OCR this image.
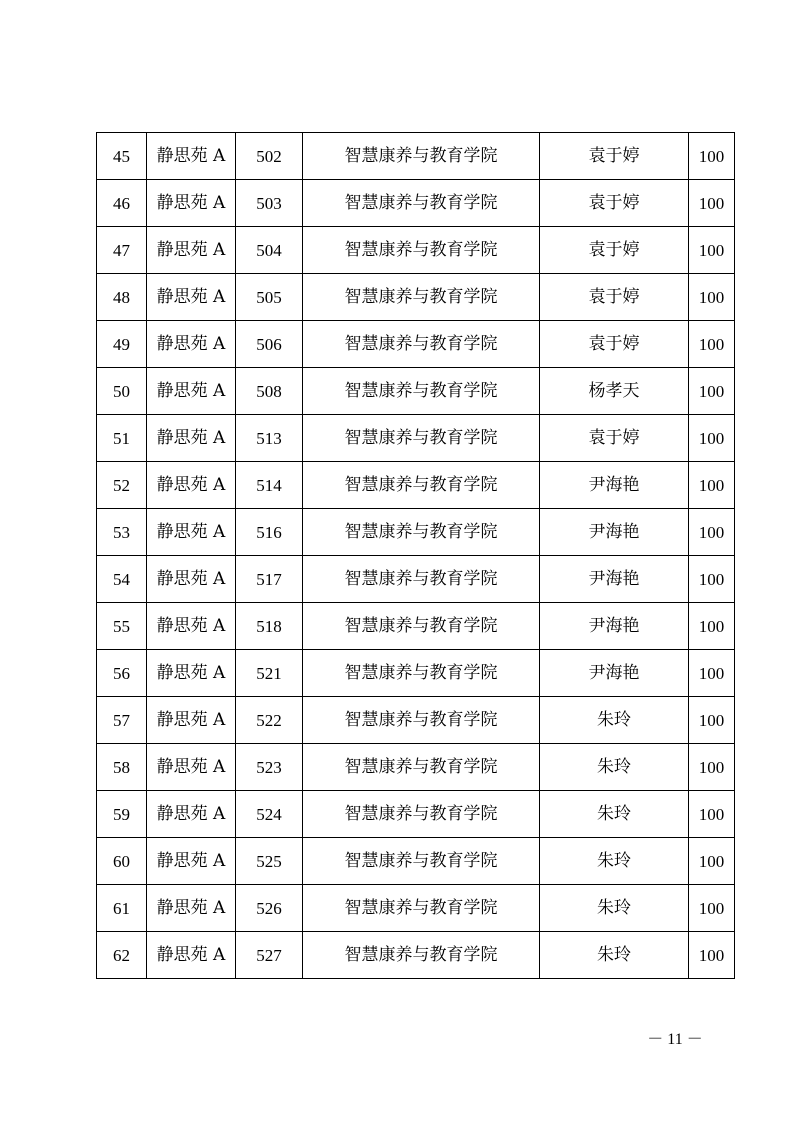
45	静思苑 A	502	智慧康养与教育学院	袁于婷	100
46	静思苑 A	503	智慧康养与教育学院	袁于婷	100
47	静思苑 A	504	智慧康养与教育学院	袁于婷	100
48	静思苑 A	505	智慧康养与教育学院	袁于婷	100
49	静思苑 A	506	智慧康养与教育学院	袁于婷	100
50	静思苑 A	508	智慧康养与教育学院	杨孝天	100
51	静思苑 A	513	智慧康养与教育学院	袁于婷	100
52	静思苑 A	514	智慧康养与教育学院	尹海艳	100
53	静思苑 A	516	智慧康养与教育学院	尹海艳	100
54	静思苑 A	517	智慧康养与教育学院	尹海艳	100
55	静思苑 A	518	智慧康养与教育学院	尹海艳	100
56	静思苑 A	521	智慧康养与教育学院	尹海艳	100
57	静思苑 A	522	智慧康养与教育学院	朱玲	100
58	静思苑 A	523	智慧康养与教育学院	朱玲	100
59	静思苑 A	524	智慧康养与教育学院	朱玲	100
60	静思苑 A	525	智慧康养与教育学院	朱玲	100
61	静思苑 A	526	智慧康养与教育学院	朱玲	100
62	静思苑 A	527	智慧康养与教育学院	朱玲	100
－ 11 －
